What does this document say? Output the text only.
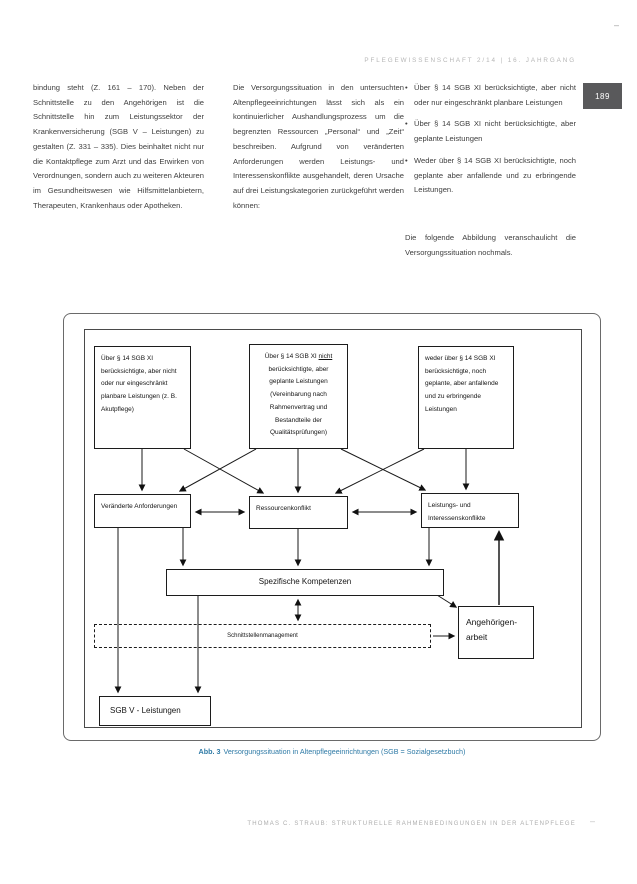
PFLEGEWISSENSCHAFT 2/14 | 16. JAHRGANG
–
189
bindung steht (Z. 161 – 170). Neben der Schnittstelle zu den Angehörigen ist die Schnittstelle hin zum Leistungssektor der Krankenversicherung (SGB V – Leistungen) zu gestalten (Z. 331 – 335). Dies beinhaltet nicht nur die Kontaktpflege zum Arzt und das Erwirken von Verordnungen, sondern auch zu weiteren Akteuren im Gesundheitswesen wie Hilfsmittelanbietern, Therapeuten, Krankenhaus oder Apotheken.
Die Versorgungssituation in den untersuchten Altenpflegeeinrichtungen lässt sich als ein kontinuierlicher Aushandlungsprozess um die begrenzten Ressourcen „Personal“ und „Zeit“ beschreiben. Aufgrund von veränderten Anforderungen werden Leistungs- und Interessenskonflikte ausgehandelt, deren Ursache auf drei Leistungskategorien zurückgeführt werden können:
• Über § 14 SGB XI berücksichtigte, aber nicht oder nur eingeschränkt planbare Leistungen
• Über § 14 SGB XI nicht berücksichtigte, aber geplante Leistungen
• Weder über § 14 SGB XI berücksichtigte, noch geplante aber anfallende und zu erbringende Leistungen.
Die folgende Abbildung veranschaulicht die Versorgungssituation nochmals.
Über § 14 SGB XI berücksichtigte, aber nicht oder nur eingeschränkt planbare Leistungen (z. B. Akutpflege)
Über § 14 SGB XI nicht berücksichtigte, aber geplante Leistungen (Vereinbarung nach Rahmenvertrag und Bestandteile der Qualitätsprüfungen)
weder über § 14 SGB XI berücksichtigte, noch geplante, aber anfallende und zu erbringende Leistungen
Veränderte Anforderungen	Ressourcenkonflikt	Leistungs- und Interessenskonflikte
Spezifische Kompetenzen
Schnittstellenmanagement
Angehörigen-arbeit
SGB V - Leistungen
Abb. 3 Versorgungssituation in Altenpflegeeinrichtungen (SGB = Sozialgesetzbuch)
THOMAS C. STRAUB: STRUKTURELLE RAHMENBEDINGUNGEN IN DER ALTENPFLEGE –
